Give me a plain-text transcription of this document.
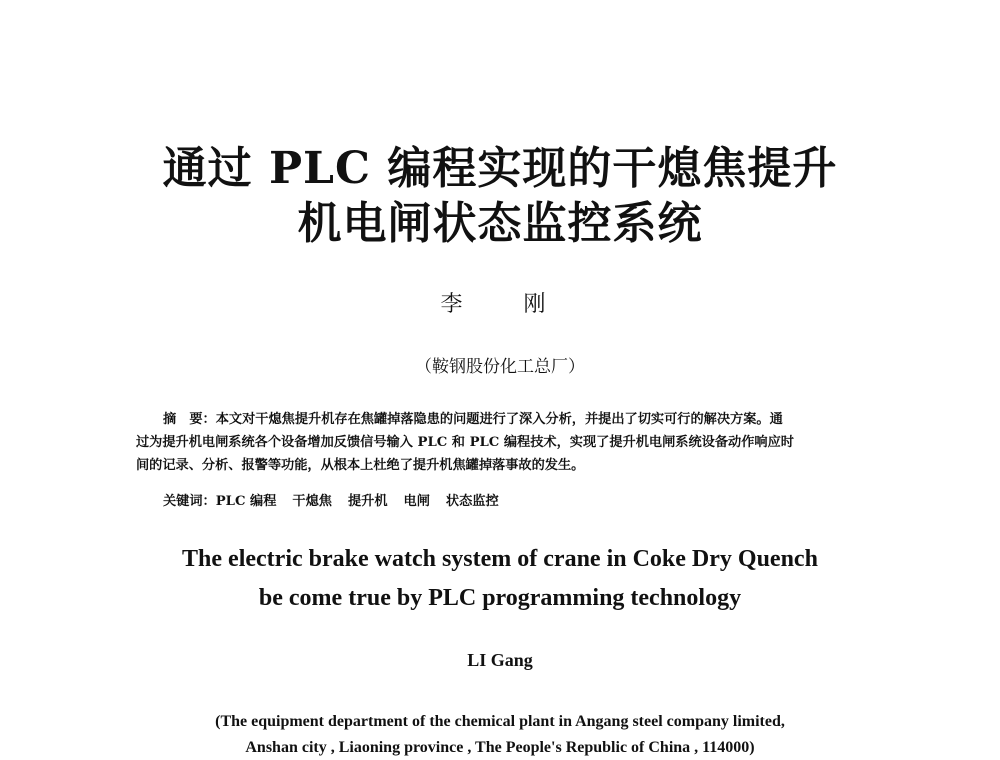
通过 PLC 编程实现的干熄焦提升
机电闸状态监控系统
李 刚
（鞍钢股份化工总厂）
摘　要：本文对干熄焦提升机存在焦罐掉落隐患的问题进行了深入分析，并提出了切实可行的解决方案。通
过为提升机电闸系统各个设备增加反馈信号输入 PLC 和 PLC 编程技术，实现了提升机电闸系统设备动作响应时
间的记录、分析、报警等功能，从根本上杜绝了提升机焦罐掉落事故的发生。
关键词：PLC 编程 干熄焦 提升机 电闸 状态监控
The electric brake watch system of crane in Coke Dry Quench
be come true by PLC programming technology
LI Gang
(The equipment department of the chemical plant in Angang steel company limited,
Anshan city , Liaoning province , The People's Republic of China , 114000)
